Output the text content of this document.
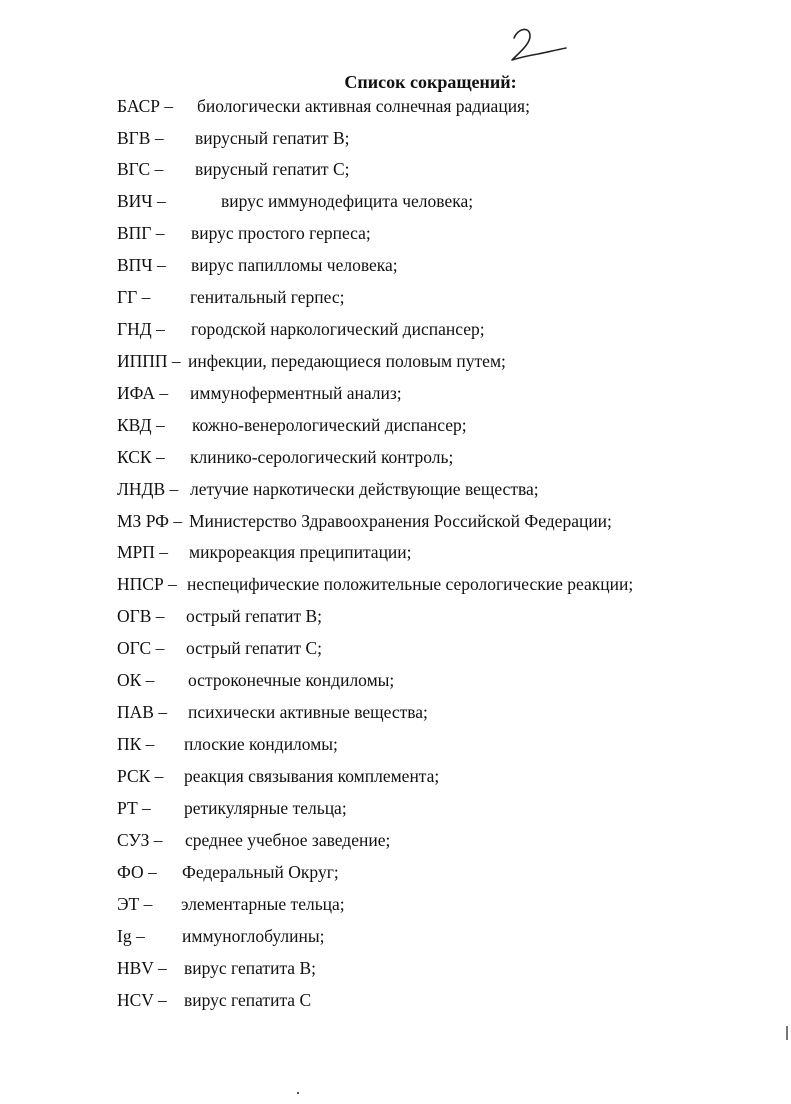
Список сокращений:
БАСР – биологически активная солнечная радиация;
ВГВ – вирусный гепатит В;
ВГС – вирусный гепатит С;
ВИЧ –	вирус иммунодефицита человека;
ВПГ – вирус простого герпеса;
ВПЧ – вирус папилломы человека;
ГГ – генитальный герпес;
ГНД – городской наркологический диспансер;
ИППП – инфекции, передающиеся половым путем;
ИФА – иммуноферментный анализ;
КВД – кожно-венерологический диспансер;
КСК – клинико-серологический контроль;
ЛНДВ – летучие наркотически действующие вещества;
МЗ РФ – Министерство Здравоохранения Российской Федерации;
МРП – микрореакция преципитации;
НПСР – неспецифические положительные серологические реакции;
ОГВ – острый гепатит В;
ОГС – острый гепатит С;
ОК – остроконечные кондиломы;
ПАВ – психически активные вещества;
ПК – плоские кондиломы;
РСК – реакция связывания комплемента;
РТ – ретикулярные тельца;
СУЗ – среднее учебное заведение;
ФО – Федеральный Округ;
ЭТ – элементарные тельца;
Ig – иммуноглобулины;
HBV – вирус гепатита В;
HCV – вирус гепатита С
